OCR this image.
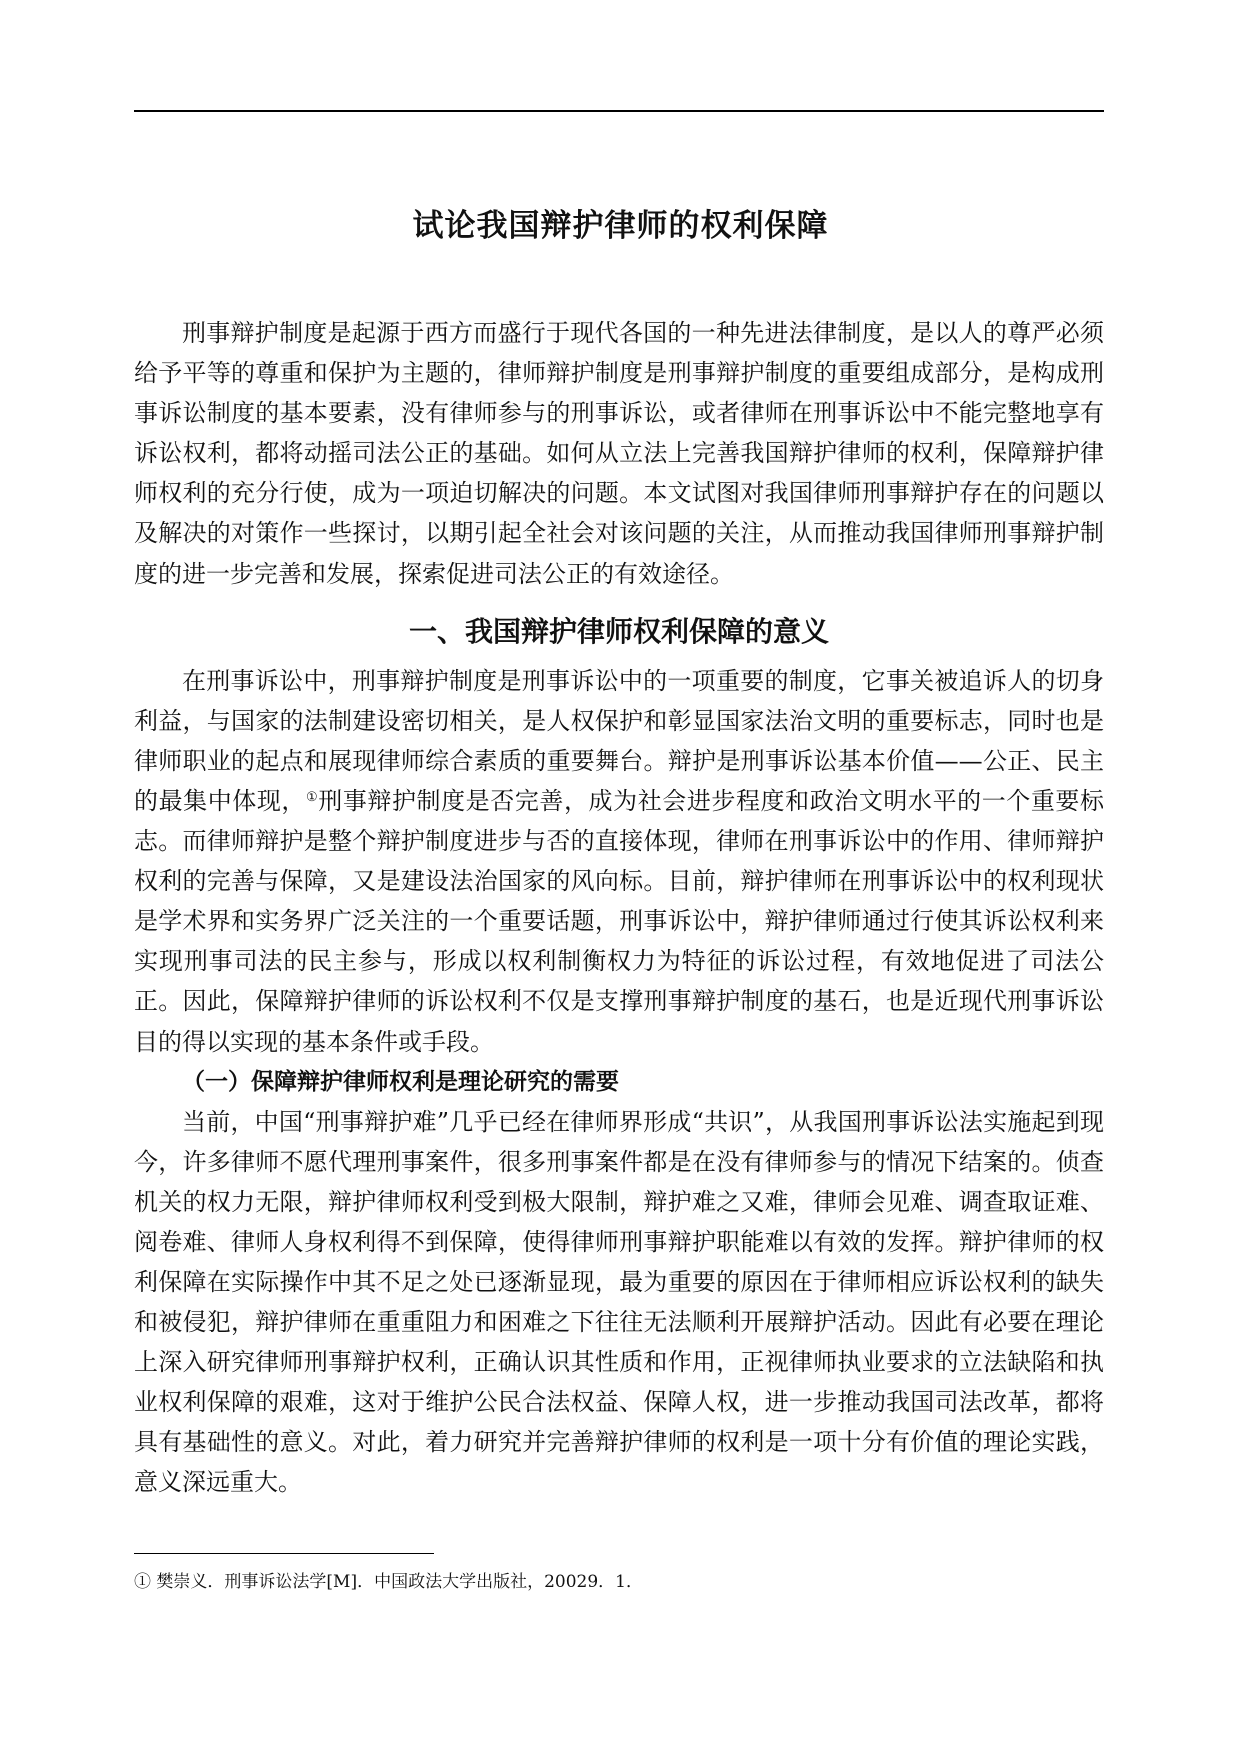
试论我国辩护律师的权利保障

刑事辩护制度是起源于西方而盛行于现代各国的一种先进法律制度，是以人的尊严必须给予平等的尊重和保护为主题的，律师辩护制度是刑事辩护制度的重要组成部分，是构成刑事诉讼制度的基本要素，没有律师参与的刑事诉讼，或者律师在刑事诉讼中不能完整地享有诉讼权利，都将动摇司法公正的基础。如何从立法上完善我国辩护律师的权利，保障辩护律师权利的充分行使，成为一项迫切解决的问题。本文试图对我国律师刑事辩护存在的问题以及解决的对策作一些探讨，以期引起全社会对该问题的关注，从而推动我国律师刑事辩护制度的进一步完善和发展，探索促进司法公正的有效途径。

一、我国辩护律师权利保障的意义

在刑事诉讼中，刑事辩护制度是刑事诉讼中的一项重要的制度，它事关被追诉人的切身利益，与国家的法制建设密切相关，是人权保护和彰显国家法治文明的重要标志，同时也是律师职业的起点和展现律师综合素质的重要舞台。辩护是刑事诉讼基本价值——公正、民主的最集中体现，①刑事辩护制度是否完善，成为社会进步程度和政治文明水平的一个重要标志。而律师辩护是整个辩护制度进步与否的直接体现，律师在刑事诉讼中的作用、律师辩护权利的完善与保障，又是建设法治国家的风向标。目前，辩护律师在刑事诉讼中的权利现状是学术界和实务界广泛关注的一个重要话题，刑事诉讼中，辩护律师通过行使其诉讼权利来实现刑事司法的民主参与，形成以权利制衡权力为特征的诉讼过程，有效地促进了司法公正。因此，保障辩护律师的诉讼权利不仅是支撑刑事辩护制度的基石，也是近现代刑事诉讼目的得以实现的基本条件或手段。

（一）保障辩护律师权利是理论研究的需要

当前，中国“刑事辩护难”几乎已经在律师界形成“共识”，从我国刑事诉讼法实施起到现今，许多律师不愿代理刑事案件，很多刑事案件都是在没有律师参与的情况下结案的。侦查机关的权力无限，辩护律师权利受到极大限制，辩护难之又难，律师会见难、调查取证难、阅卷难、律师人身权利得不到保障，使得律师刑事辩护职能难以有效的发挥。辩护律师的权利保障在实际操作中其不足之处已逐渐显现，最为重要的原因在于律师相应诉讼权利的缺失和被侵犯，辩护律师在重重阻力和困难之下往往无法顺利开展辩护活动。因此有必要在理论上深入研究律师刑事辩护权利，正确认识其性质和作用，正视律师执业要求的立法缺陷和执业权利保障的艰难，这对于维护公民合法权益、保障人权，进一步推动我国司法改革，都将具有基础性的意义。对此，着力研究并完善辩护律师的权利是一项十分有价值的理论实践，意义深远重大。

① 樊崇义．刑事诉讼法学[M]．中国政法大学出版社，20029．1．
